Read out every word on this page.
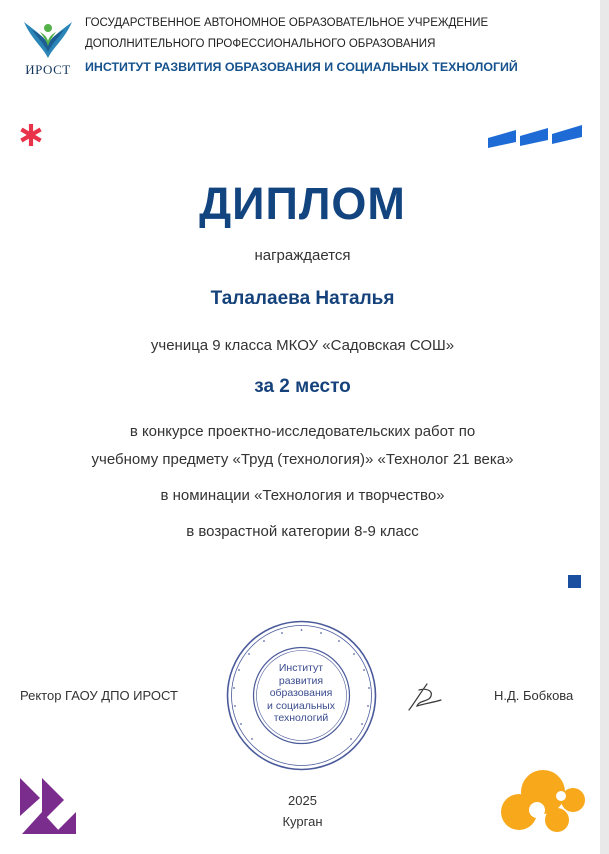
ИРОСТ
ГОСУДАРСТВЕННОЕ АВТОНОМНОЕ ОБРАЗОВАТЕЛЬНОЕ УЧРЕЖДЕНИЕ
ДОПОЛНИТЕЛЬНОГО ПРОФЕССИОНАЛЬНОГО ОБРАЗОВАНИЯ
ИНСТИТУТ РАЗВИТИЯ ОБРАЗОВАНИЯ И СОЦИАЛЬНЫХ ТЕХНОЛОГИЙ
ДИПЛОМ
награждается
Талалаева Наталья
ученица 9 класса МКОУ «Садовская СОШ»
за 2 место
в конкурсе проектно-исследовательских работ по
учебному предмету «Труд (технология)» «Технолог 21 века»
в номинации «Технология и творчество»
в возрастной категории 8-9 класс
Ректор ГАОУ ДПО ИРОСТ
Институт
развития
образования
и социальных
технологий
Н.Д. Бобкова
2025
Курган
